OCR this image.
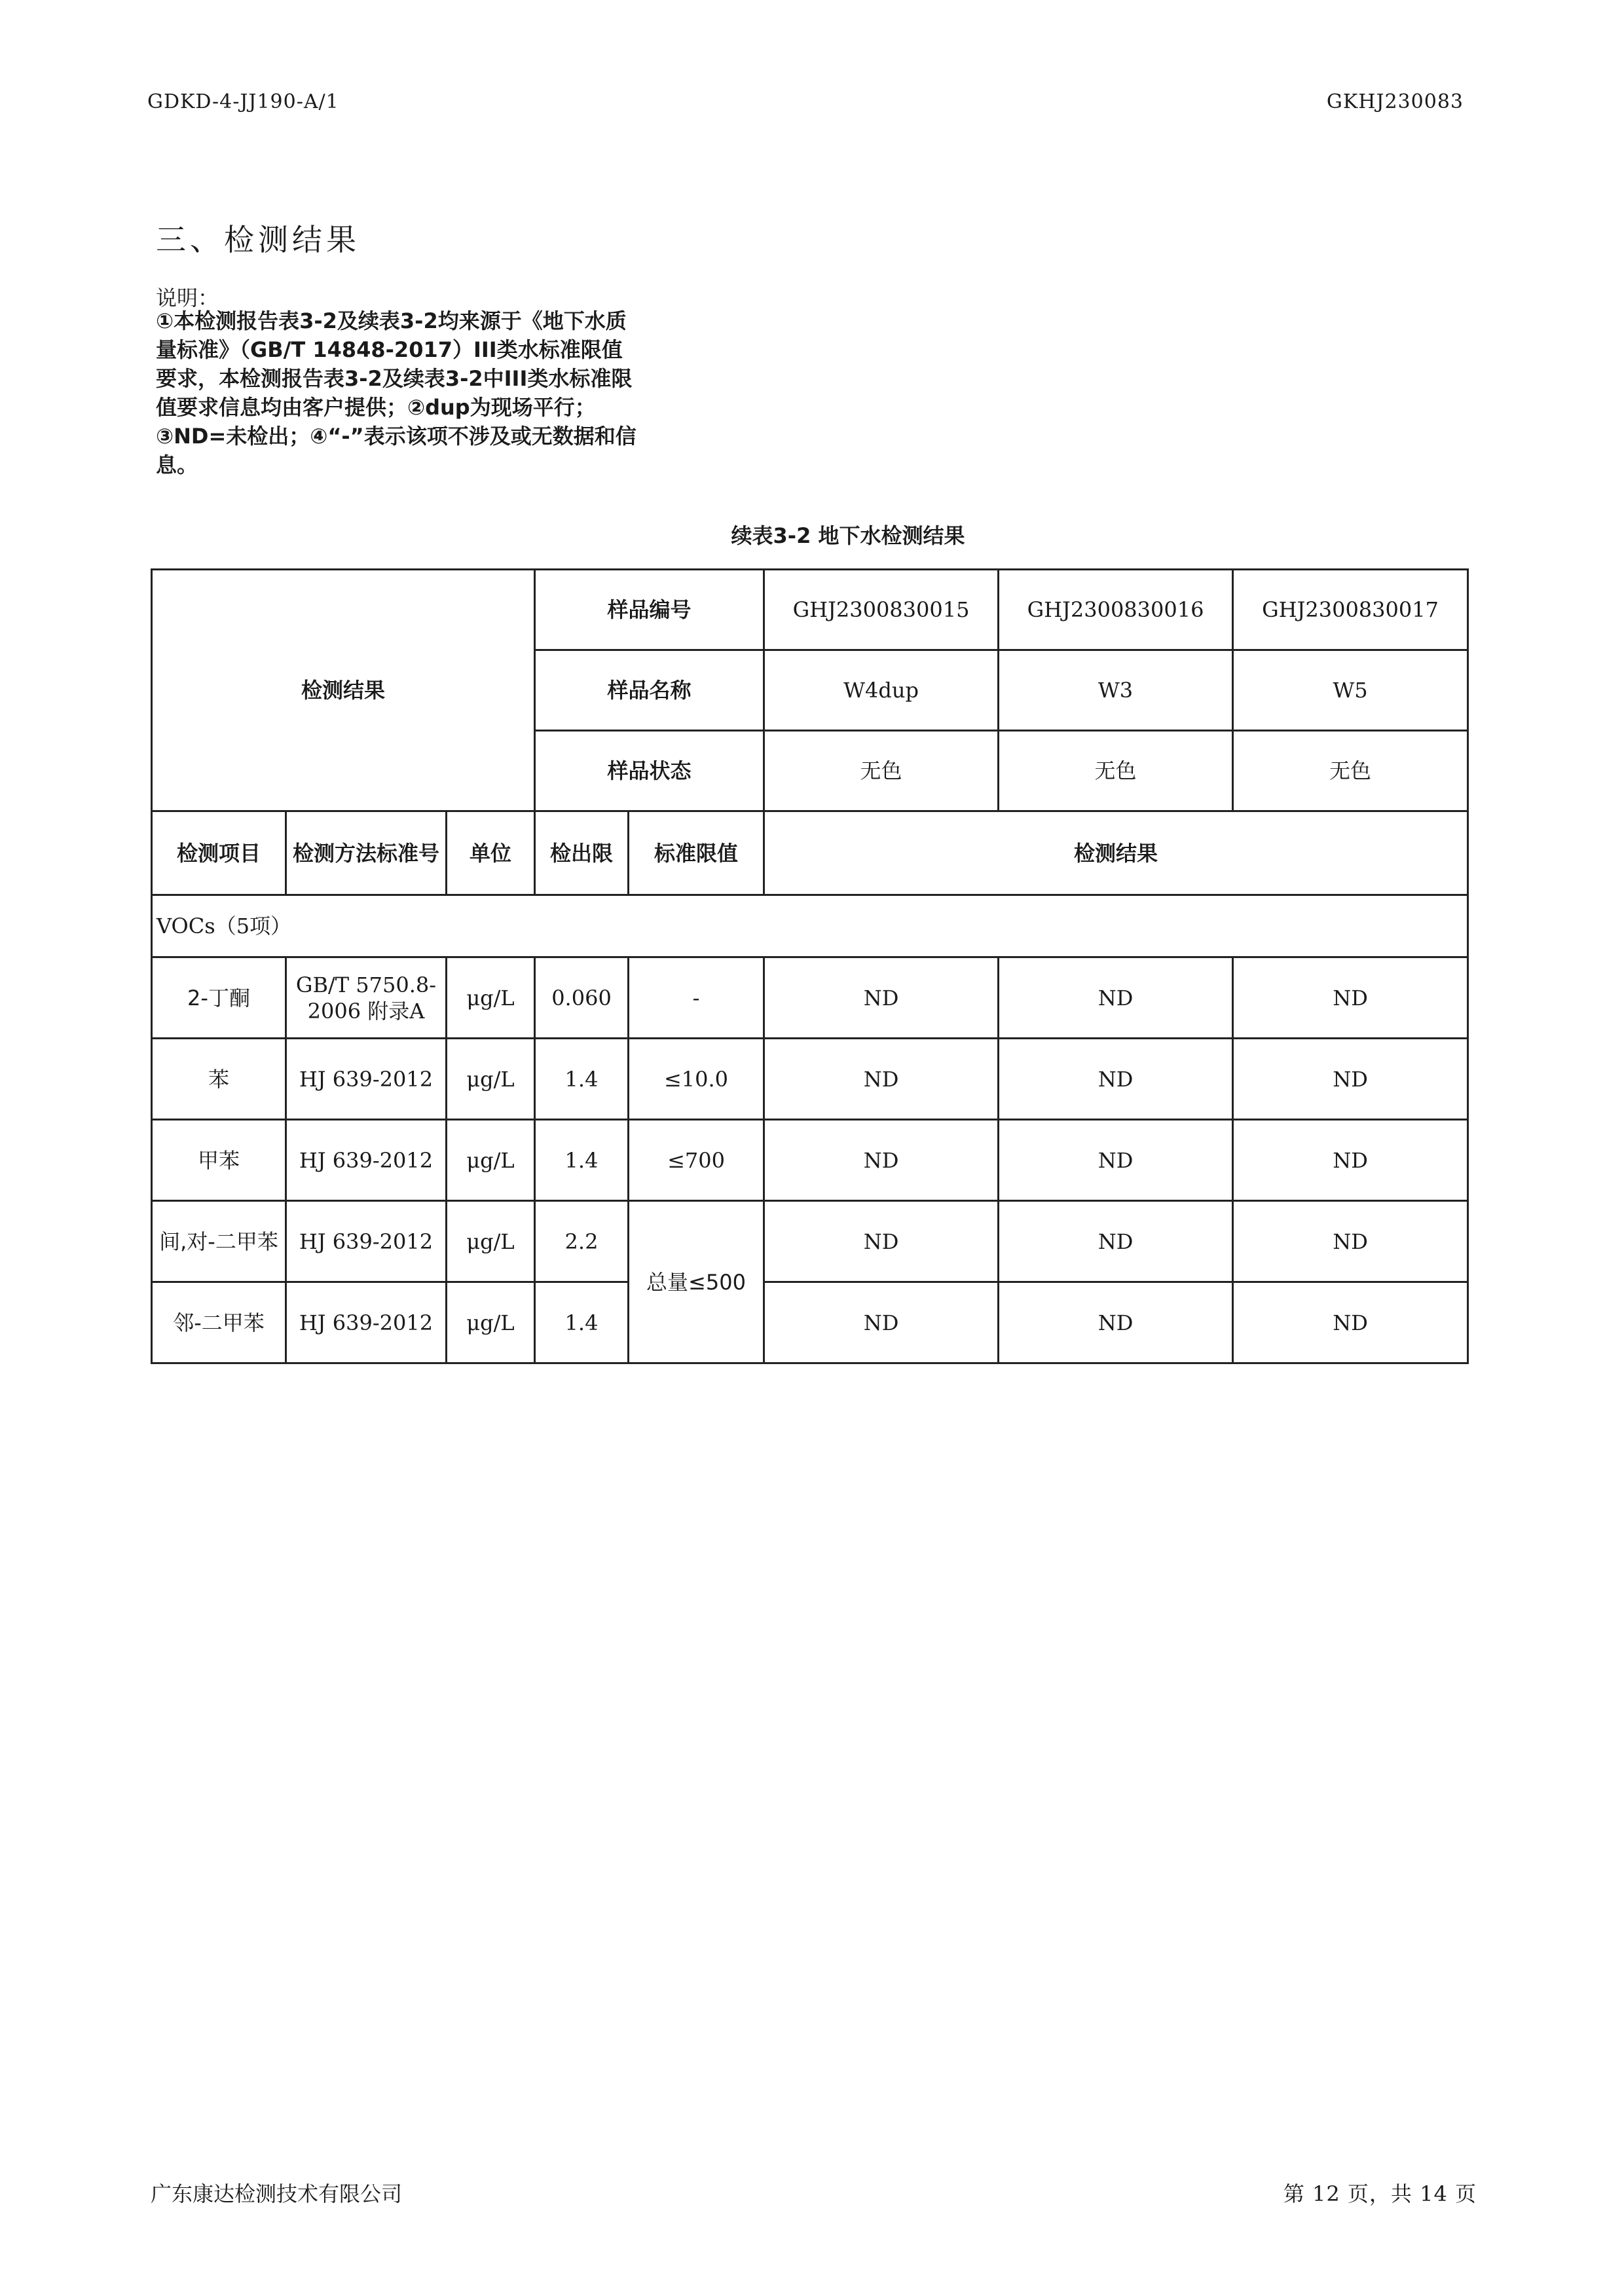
GDKD-4-JJ190-A/1	GKHJ230083
三、检测结果
说明：
①本检测报告表3-2及续表3-2均来源于《地下水质量标准》（GB/T 14848-2017）III类水标准限值要求，本检测报告表3-2及续表3-2中III类水标准限值要求信息均由客户提供；②dup为现场平行；③ND=未检出；④“-”表示该项不涉及或无数据和信息。
续表3-2 地下水检测结果
检测结果			样品编号		GHJ2300830015	GHJ2300830016	GHJ2300830017
			样品名称		W4dup	W3	W5
			样品状态		无色	无色	无色
检测项目	检测方法标准号	单位	检出限	标准限值	检测结果		
VOCs（5项）							
2-丁酮	GB/T 5750.8-2006 附录A	μg/L	0.060	-	ND	ND	ND
苯	HJ 639-2012	μg/L	1.4	≤10.0	ND	ND	ND
甲苯	HJ 639-2012	μg/L	1.4	≤700	ND	ND	ND
间,对-二甲苯	HJ 639-2012	μg/L	2.2	总量≤500	ND	ND	ND
邻-二甲苯	HJ 639-2012	μg/L	1.4		ND	ND	ND
广东康达检测技术有限公司	第 12 页，共 14 页
